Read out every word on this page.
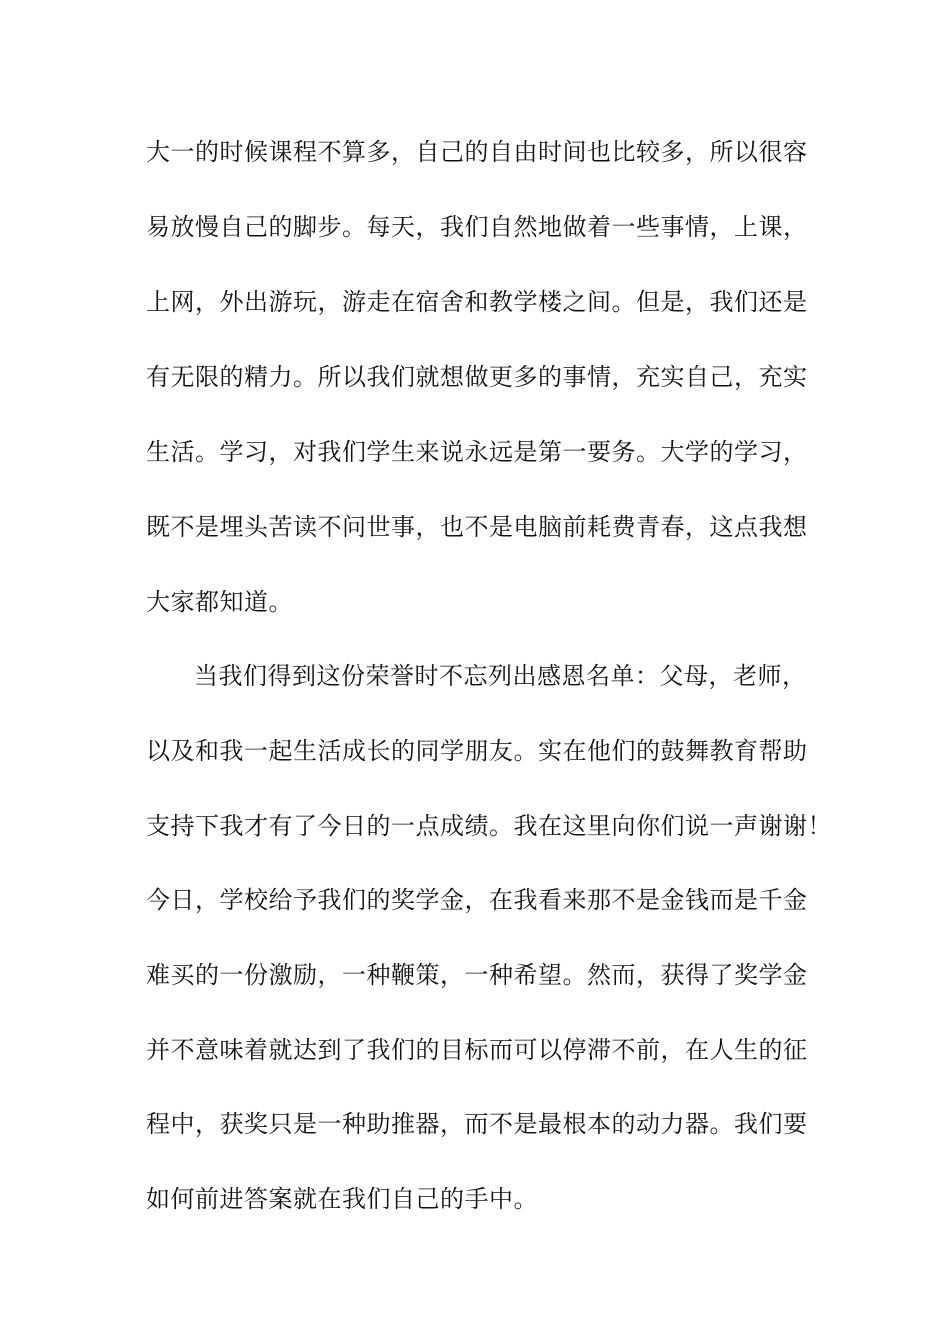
大一的时候课程不算多，自己的自由时间也比较多，所以很容
易放慢自己的脚步。每天，我们自然地做着一些事情，上课，
上网，外出游玩，游走在宿舍和教学楼之间。但是，我们还是
有无限的精力。所以我们就想做更多的事情，充实自己，充实
生活。学习，对我们学生来说永远是第一要务。大学的学习，
既不是埋头苦读不问世事，也不是电脑前耗费青春，这点我想
大家都知道。
当我们得到这份荣誉时不忘列出感恩名单：父母，老师，
以及和我一起生活成长的同学朋友。实在他们的鼓舞教育帮助
支持下我才有了今日的一点成绩。我在这里向你们说一声谢谢！
今日，学校给予我们的奖学金，在我看来那不是金钱而是千金
难买的一份激励，一种鞭策，一种希望。然而，获得了奖学金
并不意味着就达到了我们的目标而可以停滞不前，在人生的征
程中，获奖只是一种助推器，而不是最根本的动力器。我们要
如何前进答案就在我们自己的手中。
